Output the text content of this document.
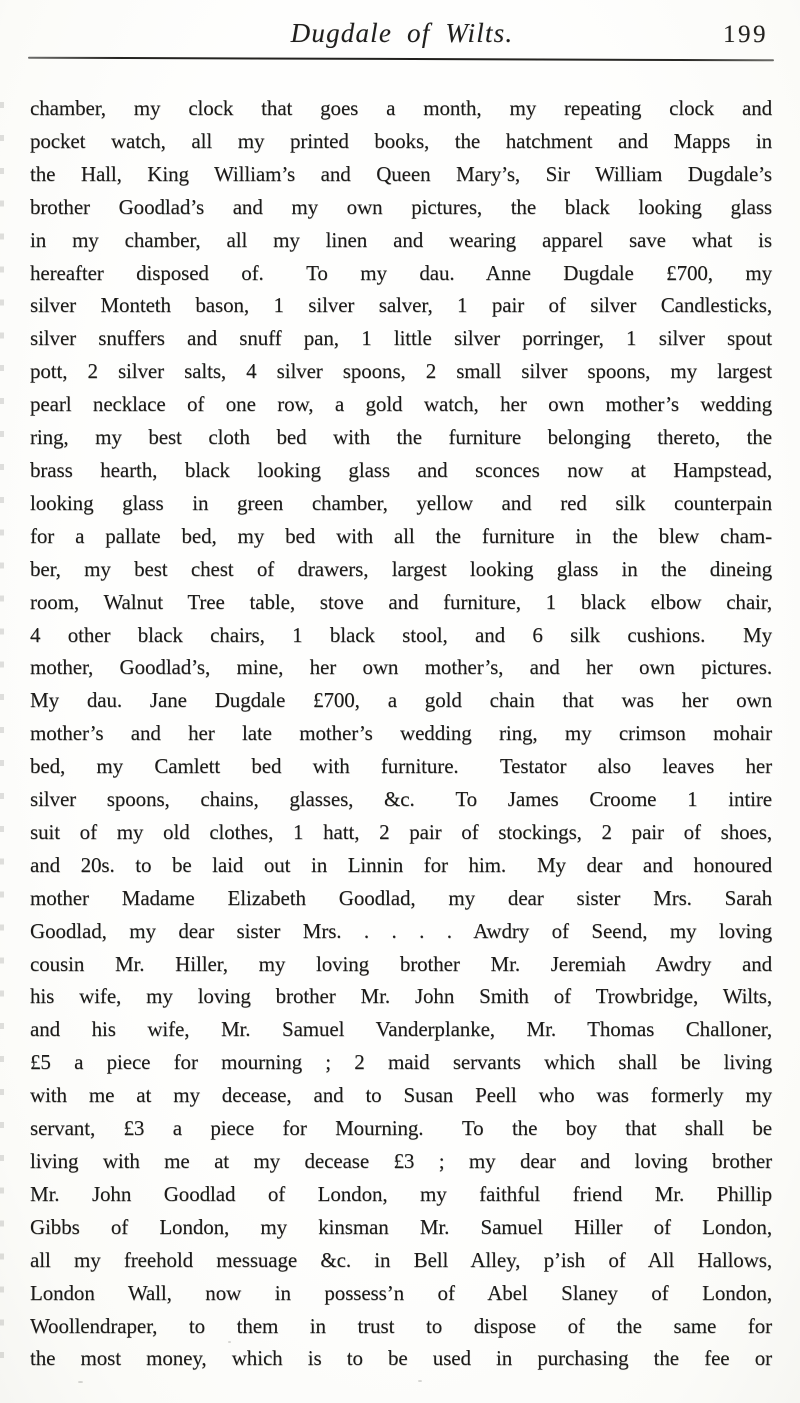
Dugdale of Wilts.	199
chamber, my clock that goes a month, my repeating clock and
pocket watch, all my printed books, the hatchment and Mapps in
the Hall, King William’s and Queen Mary’s, Sir William Dugdale’s
brother Goodlad’s and my own pictures, the black looking glass
in my chamber, all my linen and wearing apparel save what is
hereafter disposed of.  To my dau. Anne Dugdale £700, my
silver Monteth bason, 1 silver salver, 1 pair of silver Candlesticks,
silver snuffers and snuff pan, 1 little silver porringer, 1 silver spout
pott, 2 silver salts, 4 silver spoons, 2 small silver spoons, my largest
pearl necklace of one row, a gold watch, her own mother’s wedding
ring, my best cloth bed with the furniture belonging thereto, the
brass hearth, black looking glass and sconces now at Hampstead,
looking glass in green chamber, yellow and red silk counterpain
for a pallate bed, my bed with all the furniture in the blew cham-
ber, my best chest of drawers, largest looking glass in the dineing
room, Walnut Tree table, stove and furniture, 1 black elbow chair,
4 other black chairs, 1 black stool, and 6 silk cushions.  My
mother, Goodlad’s, mine, her own mother’s, and her own pictures.
My dau. Jane Dugdale £700, a gold chain that was her own
mother’s and her late mother’s wedding ring, my crimson mohair
bed, my Camlett bed with furniture.  Testator also leaves her
silver spoons, chains, glasses, &c.  To James Croome 1 intire
suit of my old clothes, 1 hatt, 2 pair of stockings, 2 pair of shoes,
and 20s. to be laid out in Linnin for him.  My dear and honoured
mother Madame Elizabeth Goodlad, my dear sister Mrs. Sarah
Goodlad, my dear sister Mrs. . . . . Awdry of Seend, my loving
cousin Mr. Hiller, my loving brother Mr. Jeremiah Awdry and
his wife, my loving brother Mr. John Smith of Trowbridge, Wilts,
and his wife, Mr. Samuel Vanderplanke, Mr. Thomas Challoner,
£5 a piece for mourning ; 2 maid servants which shall be living
with me at my decease, and to Susan Peell who was formerly my
servant, £3 a piece for Mourning.  To the boy that shall be
living with me at my decease £3 ; my dear and loving brother
Mr. John Goodlad of London, my faithful friend Mr. Phillip
Gibbs of London, my kinsman Mr. Samuel Hiller of London,
all my freehold messuage &c. in Bell Alley, p’ish of All Hallows,
London Wall, now in possess’n of Abel Slaney of London,
Woollendraper, to them in trust to dispose of the same for
the most money, which is to be used in purchasing the fee or
